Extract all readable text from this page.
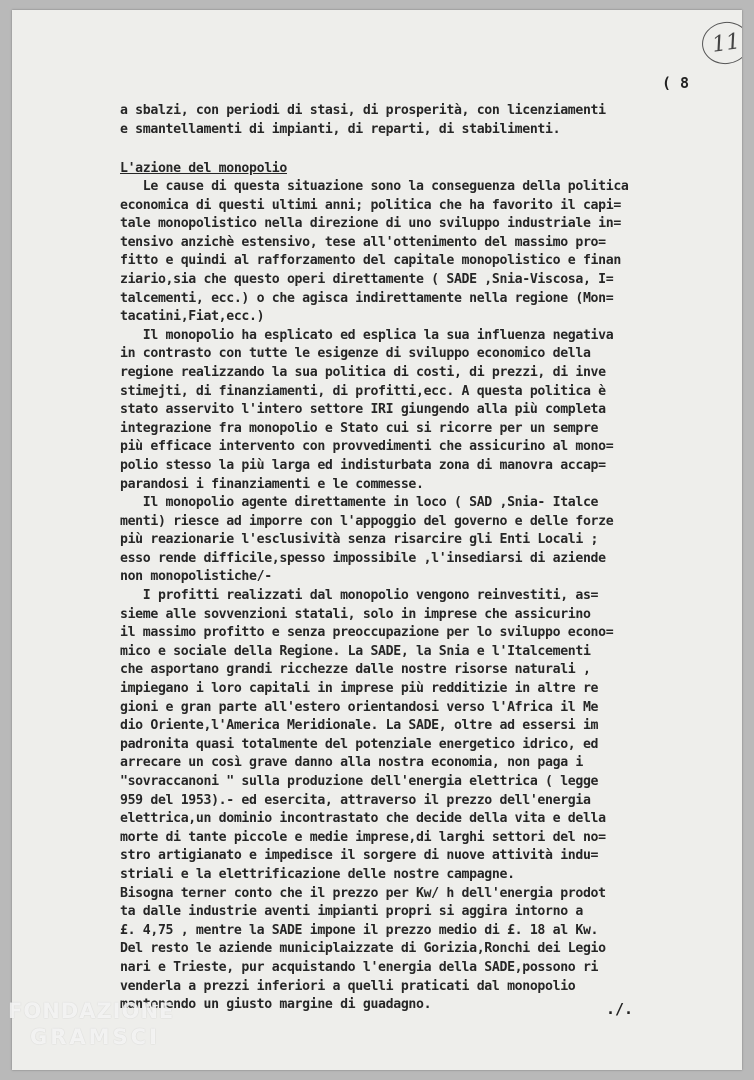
11
( 8
a sbalzi, con periodi di stasi, di prosperità, con licenziamenti
e smantellamenti di impianti, di reparti, di stabilimenti.
L'azione del monopolio
Le cause di questa situazione sono la conseguenza della politica
economica di questi ultimi anni; politica che ha favorito il capi=
tale monopolistico nella direzione di uno sviluppo industriale in=
tensivo anzichè estensivo, tese all'ottenimento del massimo pro=
fitto e quindi al rafforzamento del capitale monopolistico e finan
ziario,sia che questo operi direttamente ( SADE ,Snia-Viscosa, I=
talcementi, ecc.) o che agisca indirettamente nella regione (Mon=
tacatini,Fiat,ecc.)
Il monopolio ha esplicato ed esplica la sua influenza negativa
in contrasto con tutte le esigenze di sviluppo economico della
regione realizzando la sua politica di costi, di prezzi, di inve
stimejti, di finanziamenti, di profitti,ecc. A questa politica è
stato asservito l'intero settore IRI giungendo alla più completa
integrazione fra monopolio e Stato cui si ricorre per un sempre
più efficace intervento con provvedimenti che assicurino al mono=
polio stesso la più larga ed indisturbata zona di manovra accap=
parandosi i finanziamenti e le commesse.
Il monopolio agente direttamente in loco ( SAD ,Snia- Italce
menti) riesce ad imporre con l'appoggio del governo e delle forze
più reazionarie l'esclusività senza risarcire gli Enti Locali ;
esso rende difficile,spesso impossibile ,l'insediarsi di aziende
non monopolistiche/-
I profitti realizzati dal monopolio vengono reinvestiti, as=
sieme alle sovvenzioni statali, solo in imprese che assicurino
il massimo profitto e senza preoccupazione per lo sviluppo econo=
mico e sociale della Regione. La SADE, la Snia e l'Italcementi
che asportano grandi ricchezze dalle nostre risorse naturali ,
impiegano i loro capitali in imprese più redditizie in altre re
gioni e gran parte all'estero orientandosi verso l'Africa il Me
dio Oriente,l'America Meridionale. La SADE, oltre ad essersi im
padronita quasi totalmente del potenziale energetico idrico, ed
arrecare un così grave danno alla nostra economia, non paga i
"sovraccanoni " sulla produzione dell'energia elettrica ( legge
959 del 1953).- ed esercita, attraverso il prezzo dell'energia
elettrica,un dominio incontrastato che decide della vita e della
morte di tante piccole e medie imprese,di larghi settori del no=
stro artigianato e impedisce il sorgere di nuove attività indu=
striali e la elettrificazione delle nostre campagne.
Bisogna terner conto che il prezzo per Kw/ h dell'energia prodot
ta dalle industrie aventi impianti propri si aggira intorno a
£. 4,75 , mentre la SADE impone il prezzo medio di £. 18 al Kw.
Del resto le aziende municiplaizzate di Gorizia,Ronchi dei Legio
nari e Trieste, pur acquistando l'energia della SADE,possono ri
venderla a prezzi inferiori a quelli praticati dal monopolio
mantenendo un giusto margine di guadagno.	./.
FONDAZIONE
GRAMSCI
